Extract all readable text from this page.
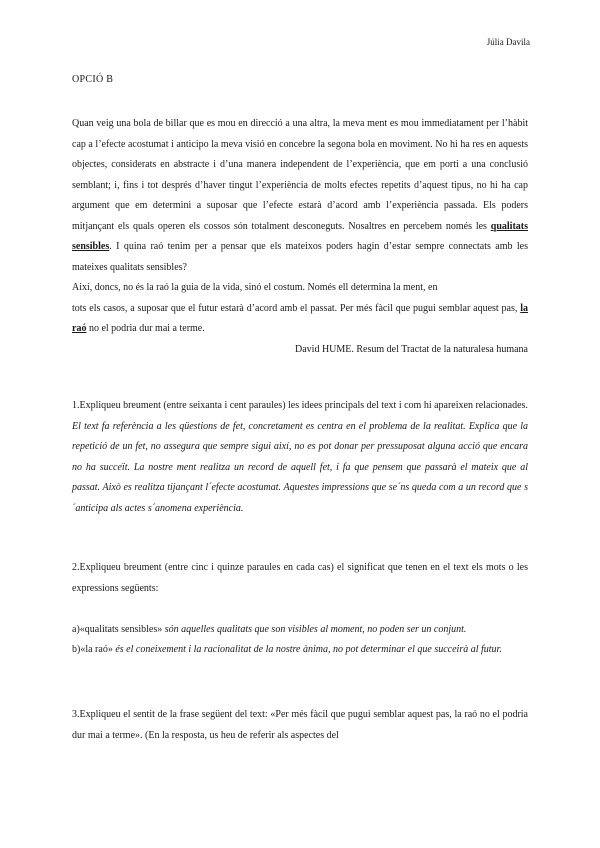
Júlia Davila
OPCIÓ B

Quan veig una bola de billar que es mou en direcció a una altra, la meva ment es mou immediatament per l’hàbit cap a l’efecte acostumat i anticipo la meva visió en concebre la segona bola en moviment. No hi ha res en aquests objectes, considerats en abstracte i d’una manera independent de l’experiència, que em porti a una conclusió semblant; i, fins i tot després d’haver tingut l’experiència de molts efectes repetits d’aquest tipus, no hi ha cap argument que em determini a suposar que l’efecte estarà d’acord amb l’experiència passada. Els poders mitjançant els quals operen els cossos són totalment desconeguts. Nosaltres en percebem només les qualitats sensibles. I quina raó tenim per a pensar que els mateixos poders hagin d’estar sempre connectats amb les mateixes qualitats sensibles?

Així, doncs, no és la raó la guia de la vida, sinó el costum. Només ell determina la ment, en

tots els casos, a suposar que el futur estarà d’acord amb el passat. Per més fàcil que pugui semblar aquest pas, la raó no el podria dur mai a terme.

David HUME. Resum del Tractat de la naturalesa humana

1.Expliqueu breument (entre seixanta i cent paraules) les idees principals del text i com hi apareixen relacionades.

El text fa referència a les qüestions de fet, concretament es centra en el problema de la realitat. Explica que la repetició de un fet, no assegura que sempre sigui així, no es pot donar per pressuposat alguna acció que encara no ha succeït. La nostre ment realitza un record de aquell fet, i fa que pensem que passarà el mateix que al passat. Això es realitza tijançant l´efecte acostumat. Aquestes impressions que se´ns queda com a un record que s´anticipa als actes s´anomena experiència.

2.Expliqueu breument (entre cinc i quinze paraules en cada cas) el significat que tenen en el text els mots o les expressions següents:

a)«qualitats sensibles» són aquelles qualitats que son visibles al moment, no poden ser un conjunt.

b)«la raó» és el coneixement i la racionalitat de la nostre ànima, no pot determinar el que succeirà al futur.

3.Expliqueu el sentit de la frase següent del text: «Per més fàcil que pugui semblar aquest pas, la raó no el podria dur mai a terme». (En la resposta, us heu de referir als aspectes del
